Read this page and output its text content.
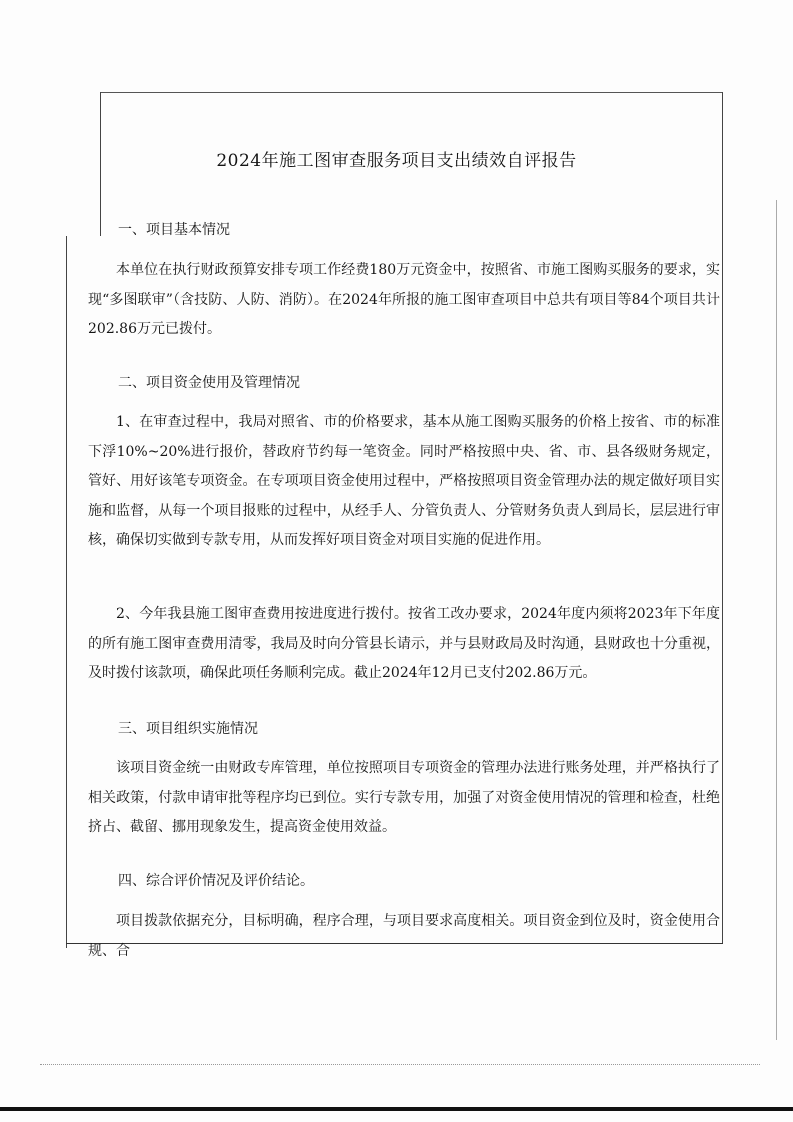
2024年施工图审查服务项目支出绩效自评报告
一、项目基本情况

本单位在执行财政预算安排专项工作经费180万元资金中，按照省、市施工图购买服务的要求，实现“多图联审”（含技防、人防、消防）。在2024年所报的施工图审查项目中总共有项目等84个项目共计202.86万元已拨付。

二、项目资金使用及管理情况

1、在审查过程中，我局对照省、市的价格要求，基本从施工图购买服务的价格上按省、市的标准下浮10%~20%进行报价，替政府节约每一笔资金。同时严格按照中央、省、市、县各级财务规定，管好、用好该笔专项资金。在专项项目资金使用过程中，严格按照项目资金管理办法的规定做好项目实施和监督，从每一个项目报账的过程中，从经手人、分管负责人、分管财务负责人到局长，层层进行审核，确保切实做到专款专用，从而发挥好项目资金对项目实施的促进作用。

2、今年我县施工图审查费用按进度进行拨付。按省工改办要求，2024年度内须将2023年下年度的所有施工图审查费用清零，我局及时向分管县长请示，并与县财政局及时沟通，县财政也十分重视，及时拨付该款项，确保此项任务顺利完成。截止2024年12月已支付202.86万元。

三、项目组织实施情况

该项目资金统一由财政专库管理，单位按照项目专项资金的管理办法进行账务处理，并严格执行了相关政策，付款申请审批等程序均已到位。实行专款专用，加强了对资金使用情况的管理和检查，杜绝挤占、截留、挪用现象发生，提高资金使用效益。

四、综合评价情况及评价结论。

项目拨款依据充分，目标明确，程序合理，与项目要求高度相关。项目资金到位及时，资金使用合规、合
